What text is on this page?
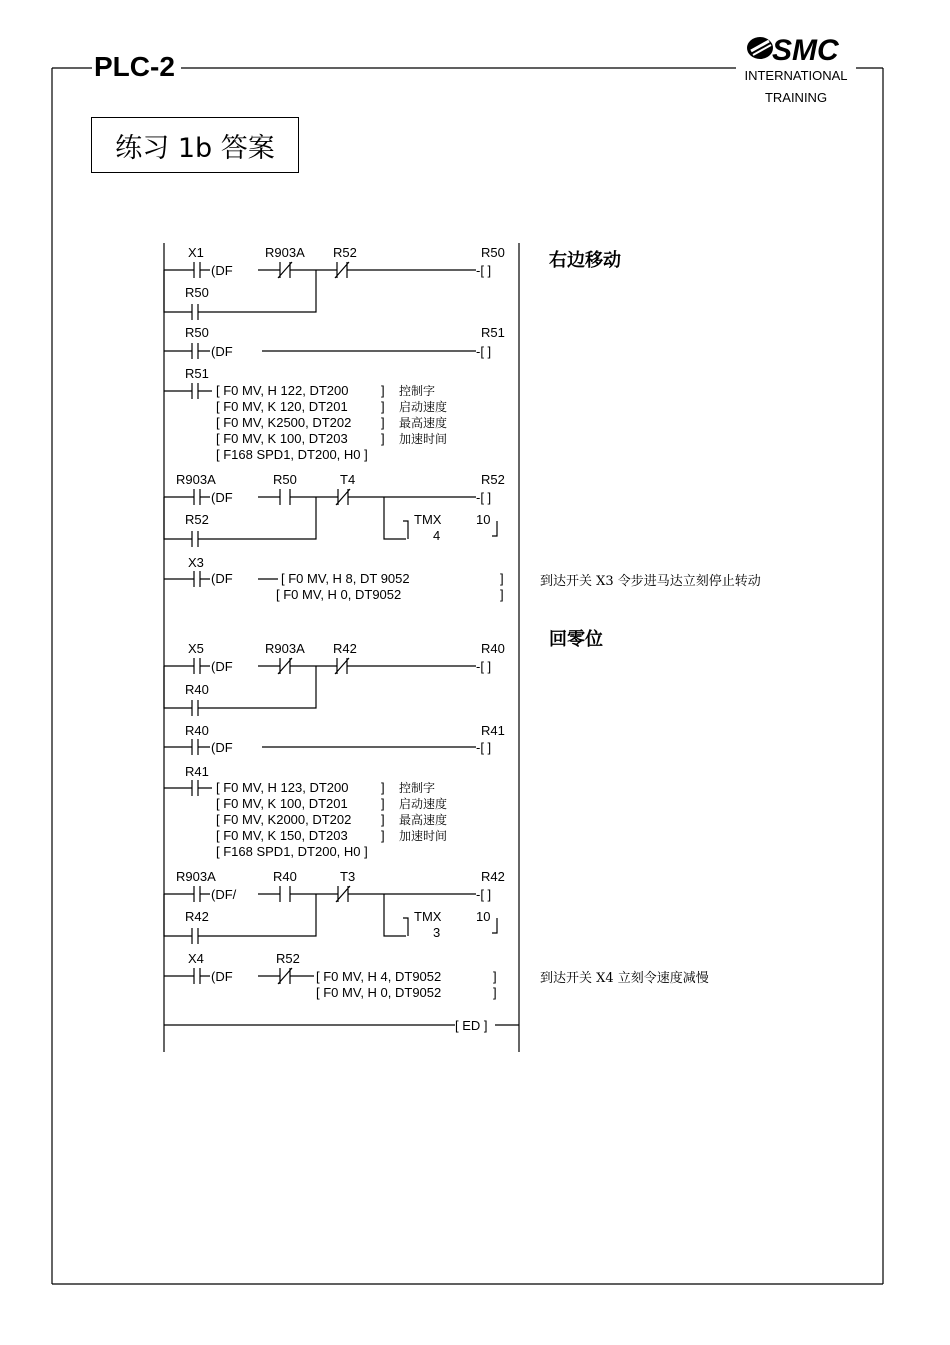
PLC-2	SMC
INTERNATIONAL
TRAINING
练习 1b 答案
右边移动
回零位
到达开关 X3 令步进马达立刻停止转动
到达开关 X4 立刻令速度减慢
X1	R903A R52	R50
(DF	-[ ]
R50
R50	R51
(DF	-[ ]
R51
[ F0 MV, H 122, DT200
[ F0 MV, K 120, DT201
[ F0 MV, K2500, DT202
[ F0 MV, K 100, DT203
[ F168 SPD1, DT200, H0 ]
]
]
]
]
控制字
启动速度
最高速度
加速时间
R903A	R50	T4	R52
(DF	-[ ]
R52	TMX
4
10
X3
(DF	[ F0 MV, H 8, DT 9052
[ F0 MV, H 0, DT9052
]
]
X5	R903A R42	R40
(DF	-[ ]
R40
R40	R41
(DF	-[ ]
R41
[ F0 MV, H 123, DT200
[ F0 MV, K 100, DT201
[ F0 MV, K2000, DT202
[ F0 MV, K 150, DT203
[ F168 SPD1, DT200, H0 ]
]
]
]
]
控制字
启动速度
最高速度
加速时间
R903A	R40	T3	R42
(DF/	-[ ]
R42	TMX
3
10
X4	R52
(DF	[ F0 MV, H 4, DT9052
[ F0 MV, H 0, DT9052
]
]
[ ED ]
